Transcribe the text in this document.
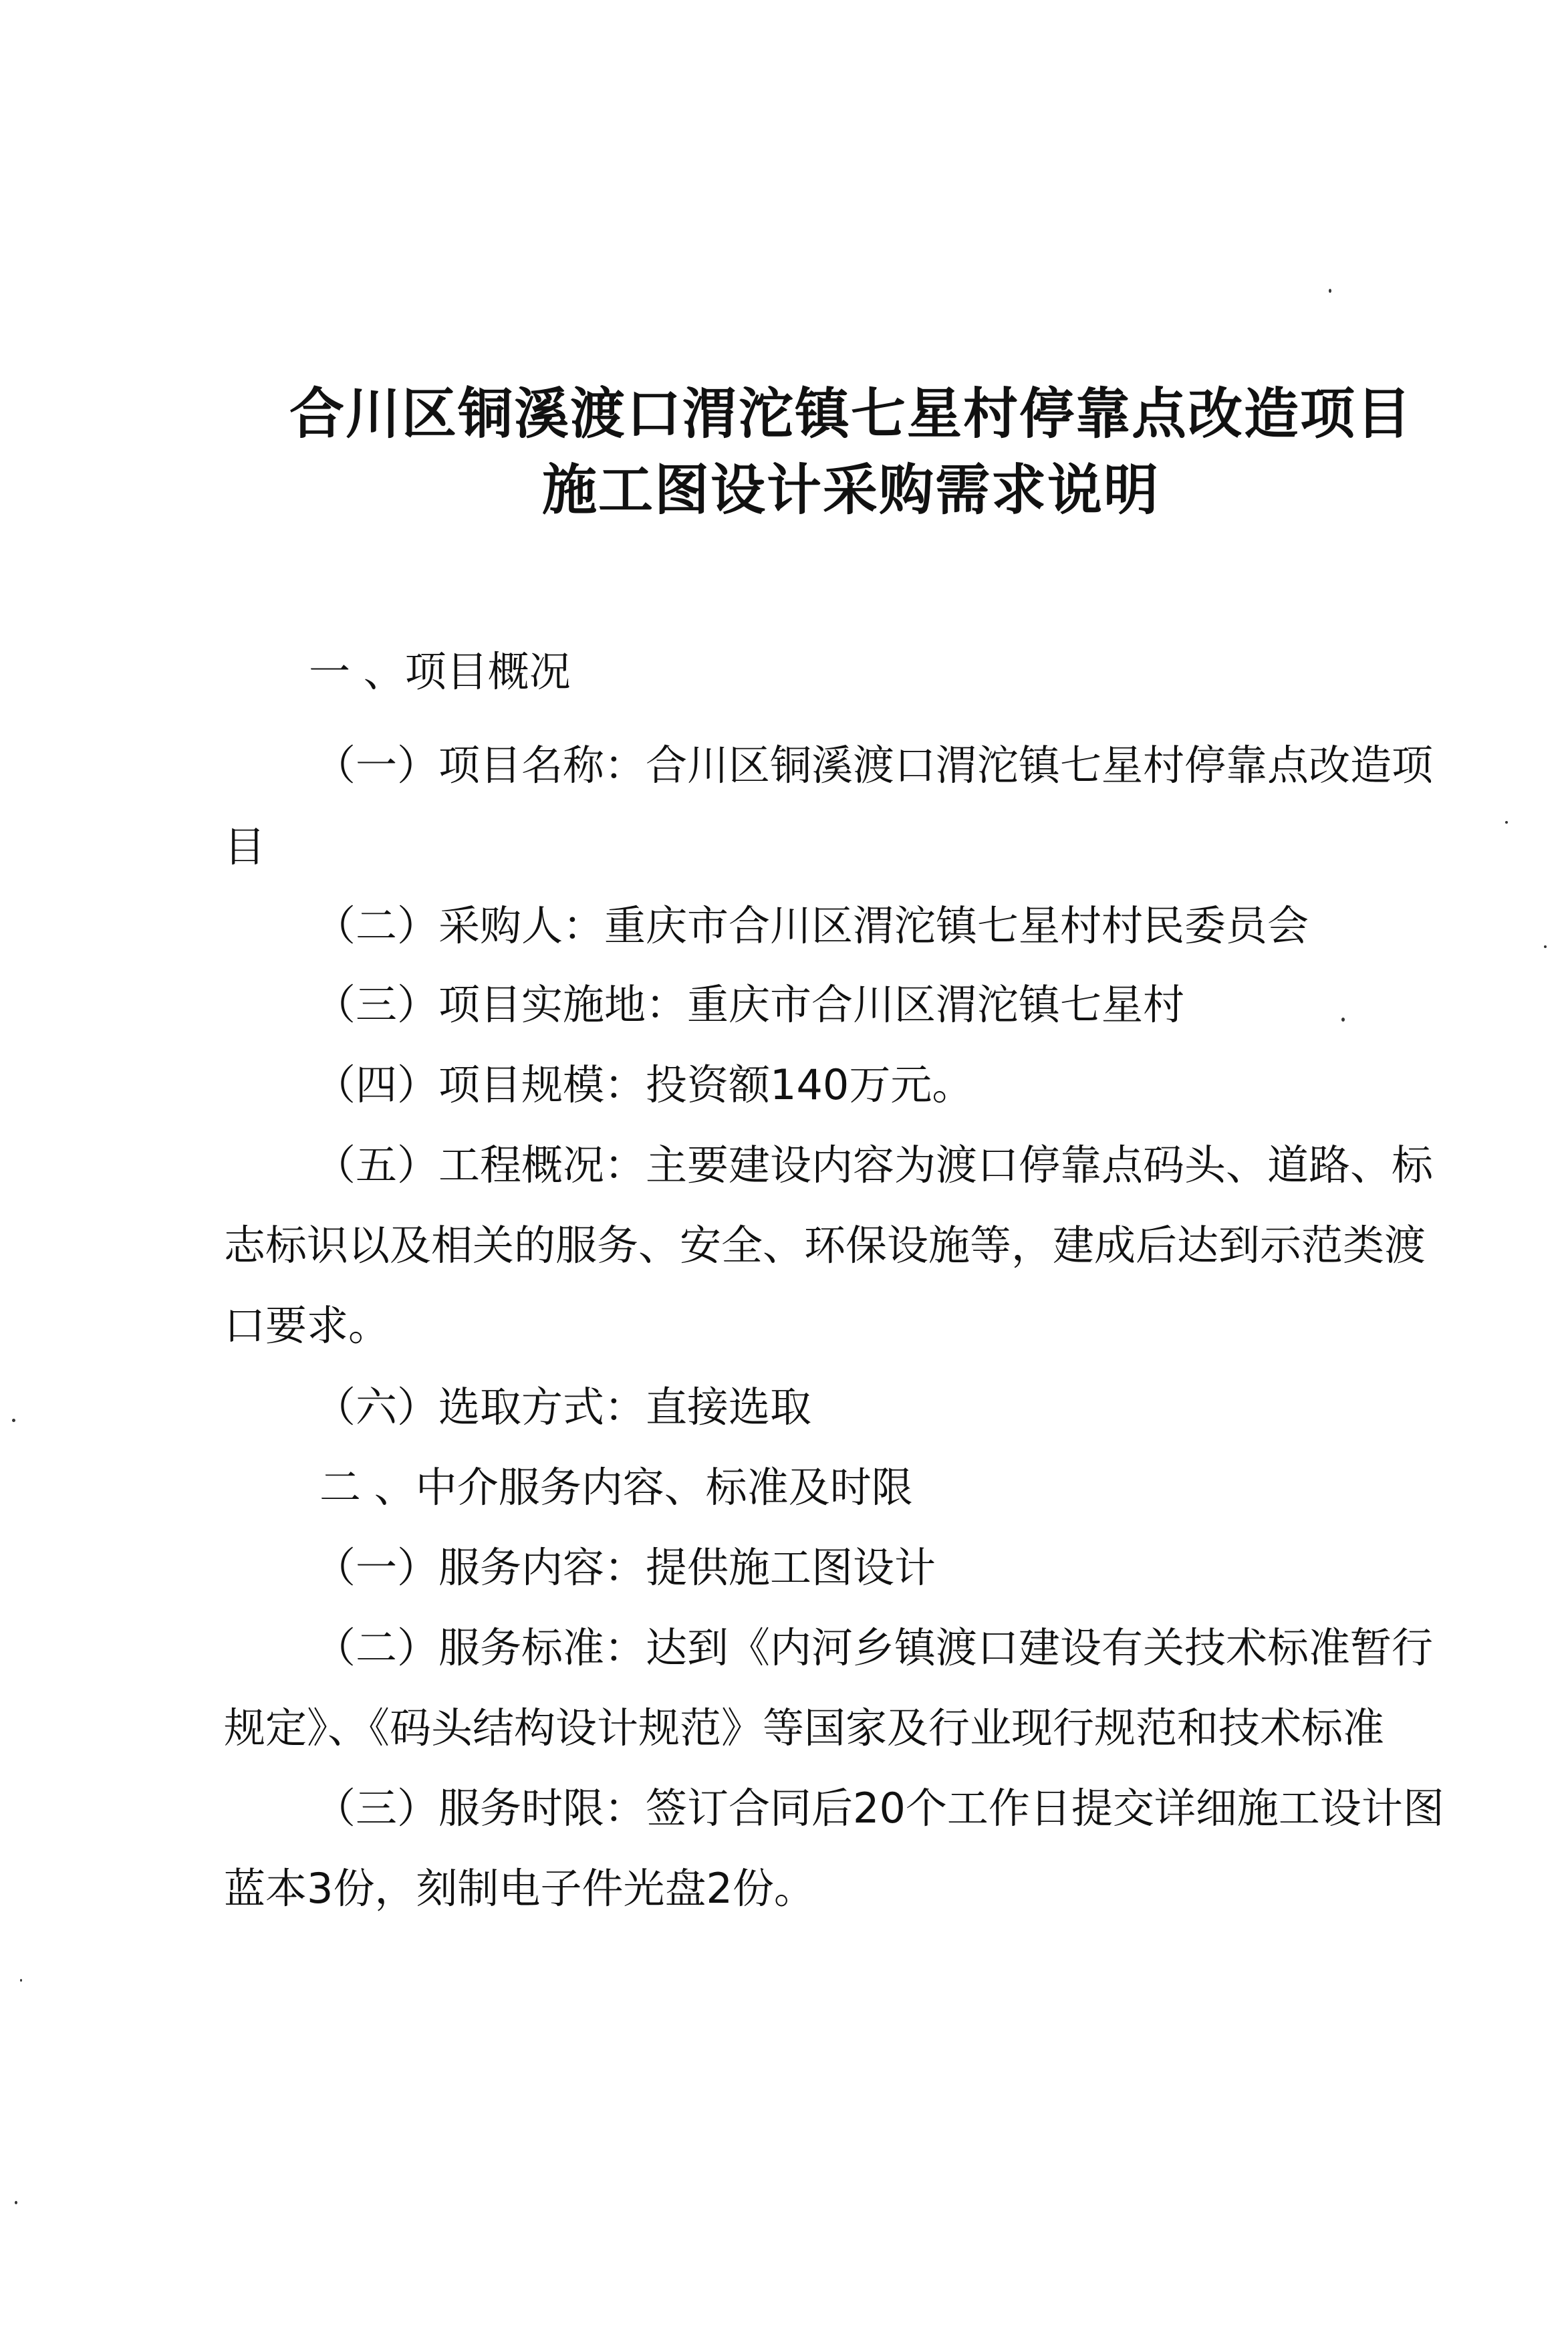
合川区铜溪渡口渭沱镇七星村停靠点改造项目
施工图设计采购需求说明
一 、项目概况
（一）项目名称：合川区铜溪渡口渭沱镇七星村停靠点改造项
目
（二）采购人：重庆市合川区渭沱镇七星村村民委员会
（三）项目实施地：重庆市合川区渭沱镇七星村
（四）项目规模：投资额140万元。
（五）工程概况：主要建设内容为渡口停靠点码头、道路、标
志标识以及相关的服务、安全、环保设施等，建成后达到示范类渡
口要求。
（六）选取方式：直接选取
二 、中介服务内容、标准及时限
（一）服务内容：提供施工图设计
（二）服务标准：达到《内河乡镇渡口建设有关技术标准暂行
规定》、《码头结构设计规范》等国家及行业现行规范和技术标准
（三）服务时限：签订合同后20个工作日提交详细施工设计图
蓝本3份，刻制电子件光盘2份。
